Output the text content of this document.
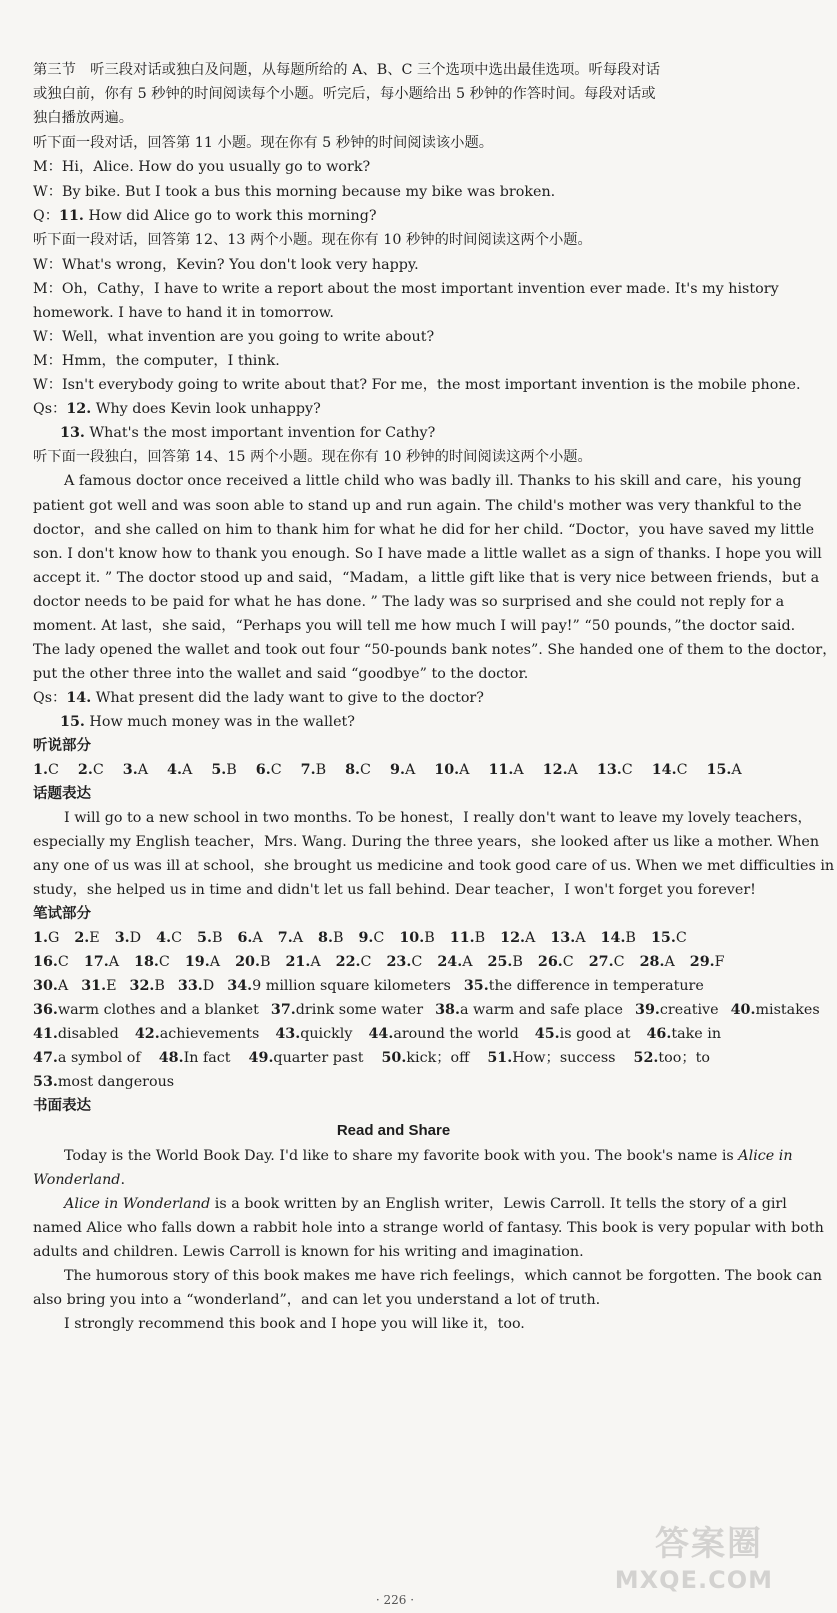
第三节　听三段对话或独白及问题，从每题所给的 A、B、C 三个选项中选出最佳选项。听每段对话
或独白前，你有 5 秒钟的时间阅读每个小题。听完后，每小题给出 5 秒钟的作答时间。每段对话或
独白播放两遍。
听下面一段对话，回答第 11 小题。现在你有 5 秒钟的时间阅读该小题。
M：Hi，Alice. How do you usually go to work?
W：By bike. But I took a bus this morning because my bike was broken.
Q：11. How did Alice go to work this morning?
听下面一段对话，回答第 12、13 两个小题。现在你有 10 秒钟的时间阅读这两个小题。
W：What's wrong，Kevin? You don't look very happy.
M：Oh，Cathy，I have to write a report about the most important invention ever made. It's my history
homework. I have to hand it in tomorrow.
W：Well，what invention are you going to write about?
M：Hmm，the computer，I think.
W：Isn't everybody going to write about that? For me，the most important invention is the mobile phone.
Qs：12. Why does Kevin look unhappy?
13. What's the most important invention for Cathy?
听下面一段独白，回答第 14、15 两个小题。现在你有 10 秒钟的时间阅读这两个小题。
A famous doctor once received a little child who was badly ill. Thanks to his skill and care，his young
patient got well and was soon able to stand up and run again. The child's mother was very thankful to the
doctor，and she called on him to thank him for what he did for her child. “Doctor，you have saved my little
son. I don't know how to thank you enough. So I have made a little wallet as a sign of thanks. I hope you will
accept it. ” The doctor stood up and said，“Madam，a little gift like that is very nice between friends，but a
doctor needs to be paid for what he has done. ” The lady was so surprised and she could not reply for a
moment. At last，she said，“Perhaps you will tell me how much I will pay!” “50 pounds，”the doctor said.
The lady opened the wallet and took out four “50-pounds bank notes”. She handed one of them to the doctor，
put the other three into the wallet and said “goodbye” to the doctor.
Qs：14. What present did the lady want to give to the doctor?
15. How much money was in the wallet?
听说部分
1.C 2.C 3.A 4.A 5.B 6.C 7.B 8.C 9.A 10.A 11.A 12.A 13.C 14.C 15.A
话题表达
I will go to a new school in two months. To be honest，I really don't want to leave my lovely teachers，
especially my English teacher，Mrs. Wang. During the three years，she looked after us like a mother. When
any one of us was ill at school，she brought us medicine and took good care of us. When we met difficulties in
study，she helped us in time and didn't let us fall behind. Dear teacher，I won't forget you forever!
笔试部分
1.G 2.E 3.D 4.C 5.B 6.A 7.A 8.B 9.C 10.B 11.B 12.A 13.A 14.B 15.C
16.C 17.A 18.C 19.A 20.B 21.A 22.C 23.C 24.A 25.B 26.C 27.C 28.A 29.F
30.A 31.E 32.B 33.D 34.9 million square kilometers 35.the difference in temperature
36.warm clothes and a blanket 37.drink some water 38.a warm and safe place 39.creative 40.mistakes
41.disabled 42.achievements 43.quickly 44.around the world 45.is good at 46.take in
47.a symbol of 48.In fact 49.quarter past 50.kick；off 51.How；success 52.too；to
53.most dangerous
书面表达
Read and Share
Today is the World Book Day. I'd like to share my favorite book with you. The book's name is Alice in
Wonderland.
Alice in Wonderland is a book written by an English writer，Lewis Carroll. It tells the story of a girl
named Alice who falls down a rabbit hole into a strange world of fantasy. This book is very popular with both
adults and children. Lewis Carroll is known for his writing and imagination.
The humorous story of this book makes me have rich feelings，which cannot be forgotten. The book can
also bring you into a “wonderland”，and can let you understand a lot of truth.
I strongly recommend this book and I hope you will like it，too.
答案圈
MXQE.COM
· 226 ·
